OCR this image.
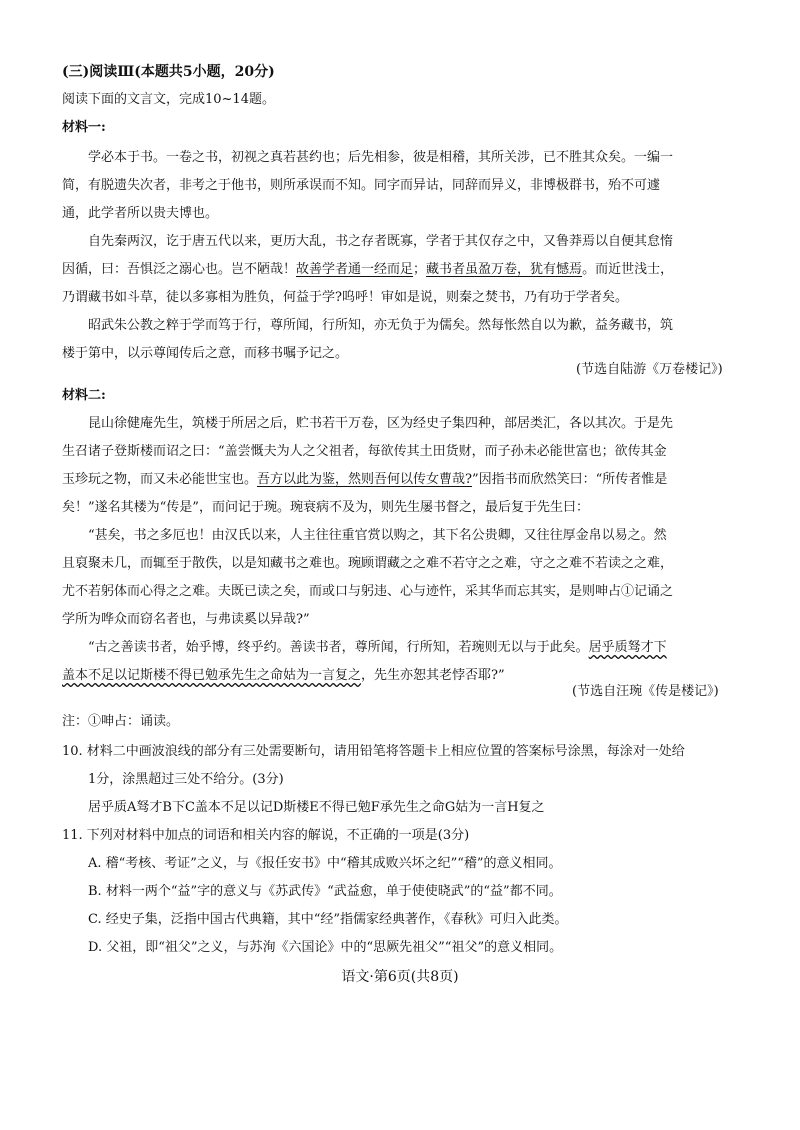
(三)阅读Ⅲ(本题共5小题，20分)
阅读下面的文言文，完成10~14题。
材料一:
学必本于书。一卷之书，初视之真若甚约也；后先相参，彼是相稽，其所关涉，已不胜其众矣。一编一
简，有脱遗失次者，非考之于他书，则所承误而不知。同字而异诂，同辞而异义，非博极群书，殆不可遽
通，此学者所以贵夫博也。
自先秦两汉，讫于唐五代以来，更历大乱，书之存者既寡，学者于其仅存之中，又鲁莽焉以自便其怠惰
因循，曰：吾惧泛之溺心也。岂不陋哉！故善学者通一经而足；藏书者虽盈万卷，犹有憾焉。而近世浅士，
乃谓藏书如斗草，徒以多寡相为胜负，何益于学?呜呼！审如是说，则秦之焚书，乃有功于学者矣。
昭武朱公教之粹于学而笃于行，尊所闻，行所知，亦无负于为儒矣。然每怅然自以为歉，益务藏书，筑
楼于第中，以示尊闻传后之意，而移书嘱予记之。
(节选自陆游《万卷楼记》)
材料二:
昆山徐健庵先生，筑楼于所居之后，贮书若干万卷，区为经史子集四种，部居类汇，各以其次。于是先
生召诸子登斯楼而诏之曰：“盖尝慨夫为人之父祖者，每欲传其土田货财，而子孙未必能世富也；欲传其金
玉珍玩之物，而又未必能世宝也。吾方以此为鉴，然则吾何以传女曹哉?”因指书而欣然笑曰：“所传者惟是
矣！”遂名其楼为“传是”，而问记于琬。琬衰病不及为，则先生屡书督之，最后复于先生曰：
“甚矣，书之多厄也！由汉氏以来，人主往往重官赏以购之，其下名公贵卿，又往往厚金帛以易之。然
且裒聚未几，而辄至于散佚，以是知藏书之难也。琬顾谓藏之之难不若守之之难，守之之难不若读之之难，
尤不若躬体而心得之之难。夫既已读之矣，而或口与躬违、心与迹忤，采其华而忘其实，是则呻占①记诵之
学所为哗众而窃名者也，与弗读奚以异哉?”
“古之善读书者，始乎博，终乎约。善读书者，尊所闻，行所知，若琬则无以与于此矣。居乎质驽才下
盖本不足以记斯楼不得已勉承先生之命姑为一言复之，先生亦恕其老悖否耶?”
(节选自汪琬《传是楼记》)
注：①呻占：诵读。
10. 材料二中画波浪线的部分有三处需要断句，请用铅笔将答题卡上相应位置的答案标号涂黑，每涂对一处给
1分，涂黑超过三处不给分。(3分)
居乎质A驽才B下C盖本不足以记D斯楼E不得已勉F承先生之命G姑为一言H复之
11. 下列对材料中加点的词语和相关内容的解说，不正确的一项是(3分)
A. 稽“考核、考证”之义，与《报任安书》中“稽其成败兴坏之纪”“稽”的意义相同。
B. 材料一两个“益”字的意义与《苏武传》“武益愈，单于使使晓武”的“益”都不同。
C. 经史子集，泛指中国古代典籍，其中“经”指儒家经典著作，《春秋》可归入此类。
D. 父祖，即“祖父”之义，与苏洵《六国论》中的“思厥先祖父”“祖父”的意义相同。
语文·第6页(共8页)
